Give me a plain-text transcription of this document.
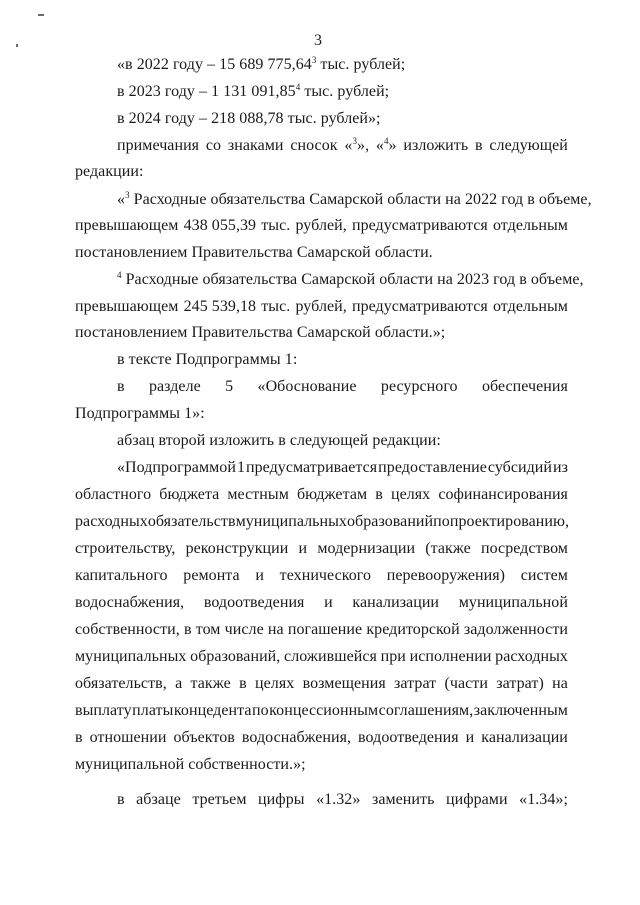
3
«в 2022 году – 15 689 775,64$^3$ тыс. рублей;
в 2023 году – 1 131 091,85$^4$ тыс. рублей;
в 2024 году – 218 088,78 тыс. рублей»;
примечания со знаками сносок «$^3$», «$^4$» изложить в следующей
редакции:
«$^3$ Расходные обязательства Самарской области на 2022 год в объеме,
превышающем 438 055,39 тыс. рублей, предусматриваются отдельным
постановлением Правительства Самарской области.
$^4$ Расходные обязательства Самарской области на 2023 год в объеме,
превышающем 245 539,18 тыс. рублей, предусматриваются отдельным
постановлением Правительства Самарской области.»;
в тексте Подпрограммы 1:
в разделе 5 «Обоснование ресурсного обеспечения
Подпрограммы 1»:
абзац второй изложить в следующей редакции:
«Подпрограммой 1 предусматривается предоставление субсидий из
областного бюджета местным бюджетам в целях софинансирования
расходных обязательств муниципальных образований по проектированию,
строительству, реконструкции и модернизации (также посредством
капитального ремонта и технического перевооружения) систем
водоснабжения, водоотведения и канализации муниципальной
собственности, в том числе на погашение кредиторской задолженности
муниципальных образований, сложившейся при исполнении расходных
обязательств, а также в целях возмещения затрат (части затрат) на
выплату платы концедента по концессионным соглашениям, заключенным
в отношении объектов водоснабжения, водоотведения и канализации
муниципальной собственности.»;
в абзаце третьем цифры «1.32» заменить цифрами «1.34»;
